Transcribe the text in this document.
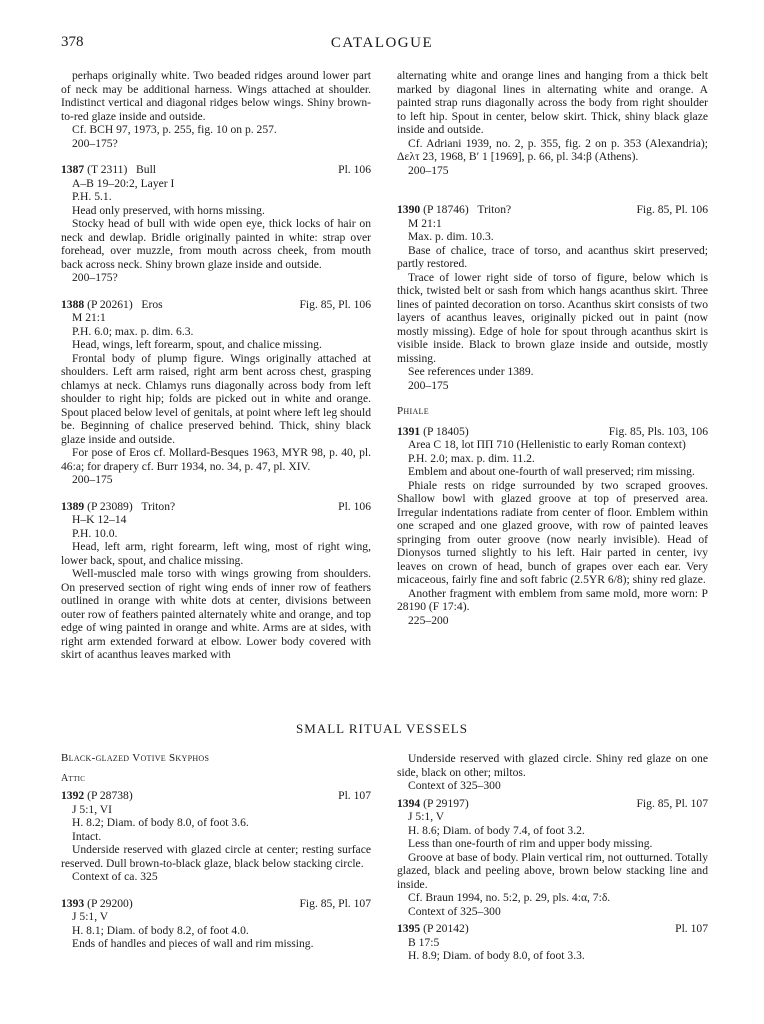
378	CATALOGUE

perhaps originally white. Two beaded ridges around lower part of neck may be additional harness. Wings attached at shoulder. Indistinct vertical and diagonal ridges below wings. Shiny brown-to-red glaze inside and outside.

Cf. BCH 97, 1973, p. 255, fig. 10 on p. 257.
200–175?
1387 (T 2311) Bull	Pl. 106
A–B 19–20:2, Layer I
P.H. 5.1.
Head only preserved, with horns missing.

Stocky head of bull with wide open eye, thick locks of hair on neck and dewlap. Bridle originally painted in white: strap over forehead, over muzzle, from mouth across cheek, from mouth back across neck. Shiny brown glaze inside and outside.

200–175?
1388 (P 20261) Eros	Fig. 85, Pl. 106
M 21:1
P.H. 6.0; max. p. dim. 6.3.
Head, wings, left forearm, spout, and chalice missing.

Frontal body of plump figure. Wings originally attached at shoulders. Left arm raised, right arm bent across chest, grasping chlamys at neck. Chlamys runs diagonally across body from left shoulder to right hip; folds are picked out in white and orange. Spout placed below level of genitals, at point where left leg should be. Beginning of chalice preserved behind. Thick, shiny black glaze inside and outside.

For pose of Eros cf. Mollard-Besques 1963, MYR 98, p. 40, pl. 46:a; for drapery cf. Burr 1934, no. 34, p. 47, pl. XIV.

200–175
1389 (P 23089) Triton?	Pl. 106
H–K 12–14
P.H. 10.0.

Head, left arm, right forearm, left wing, most of right wing, lower back, spout, and chalice missing.

Well-muscled male torso with wings growing from shoulders. On preserved section of right wing ends of inner row of feathers outlined in orange with white dots at center, divisions between outer row of feathers painted alternately white and orange, and top edge of wing painted in orange and white. Arms are at sides, with right arm extended forward at elbow. Lower body covered with skirt of acanthus leaves marked with

alternating white and orange lines and hanging from a thick belt marked by diagonal lines in alternating white and orange. A painted strap runs diagonally across the body from right shoulder to left hip. Spout in center, below skirt. Thick, shiny black glaze inside and outside.

Cf. Adriani 1939, no. 2, p. 355, fig. 2 on p. 353 (Alexandria); Δελτ 23, 1968, Β′ 1 [1969], p. 66, pl. 34:β (Athens).

200–175
1390 (P 18746) Triton?	Fig. 85, Pl. 106
M 21:1
Max. p. dim. 10.3.

Base of chalice, trace of torso, and acanthus skirt preserved; partly restored.

Trace of lower right side of torso of figure, below which is thick, twisted belt or sash from which hangs acanthus skirt. Three lines of painted decoration on torso. Acanthus skirt consists of two layers of acanthus leaves, originally picked out in paint (now mostly missing). Edge of hole for spout through acanthus skirt is visible inside. Black to brown glaze inside and outside, mostly missing.

See references under 1389.
200–175
Phiale
1391 (P 18405)	Fig. 85, Pls. 103, 106
Area C 18, lot ΠΠ 710 (Hellenistic to early Roman context)
P.H. 2.0; max. p. dim. 11.2.

Emblem and about one-fourth of wall preserved; rim missing.

Phiale rests on ridge surrounded by two scraped grooves. Shallow bowl with glazed groove at top of preserved area. Irregular indentations radiate from center of floor. Emblem within one scraped and one glazed groove, with row of painted leaves springing from outer groove (now nearly invisible). Head of Dionysos turned slightly to his left. Hair parted in center, ivy leaves on crown of head, bunch of grapes over each ear. Very micaceous, fairly fine and soft fabric (2.5YR 6/8); shiny red glaze.

Another fragment with emblem from same mold, more worn: P 28190 (F 17:4).

225–200
SMALL RITUAL VESSELS
Black-glazed Votive Skyphos
Attic
1392 (P 28738)	Pl. 107
J 5:1, VI
H. 8.2; Diam. of body 8.0, of foot 3.6.
Intact.

Underside reserved with glazed circle at center; resting surface reserved. Dull brown-to-black glaze, black below stacking circle.

Context of ca. 325
1393 (P 29200)	Fig. 85, Pl. 107
J 5:1, V
H. 8.1; Diam. of body 8.2, of foot 4.0.
Ends of handles and pieces of wall and rim missing.

Underside reserved with glazed circle. Shiny red glaze on one side, black on other; miltos.

Context of 325–300
1394 (P 29197)	Fig. 85, Pl. 107
J 5:1, V
H. 8.6; Diam. of body 7.4, of foot 3.2.
Less than one-fourth of rim and upper body missing.

Groove at base of body. Plain vertical rim, not outturned. Totally glazed, black and peeling above, brown below stacking line and inside.

Cf. Braun 1994, no. 5:2, p. 29, pls. 4:α, 7:δ.
Context of 325–300
1395 (P 20142)	Pl. 107
B 17:5
H. 8.9; Diam. of body 8.0, of foot 3.3.
